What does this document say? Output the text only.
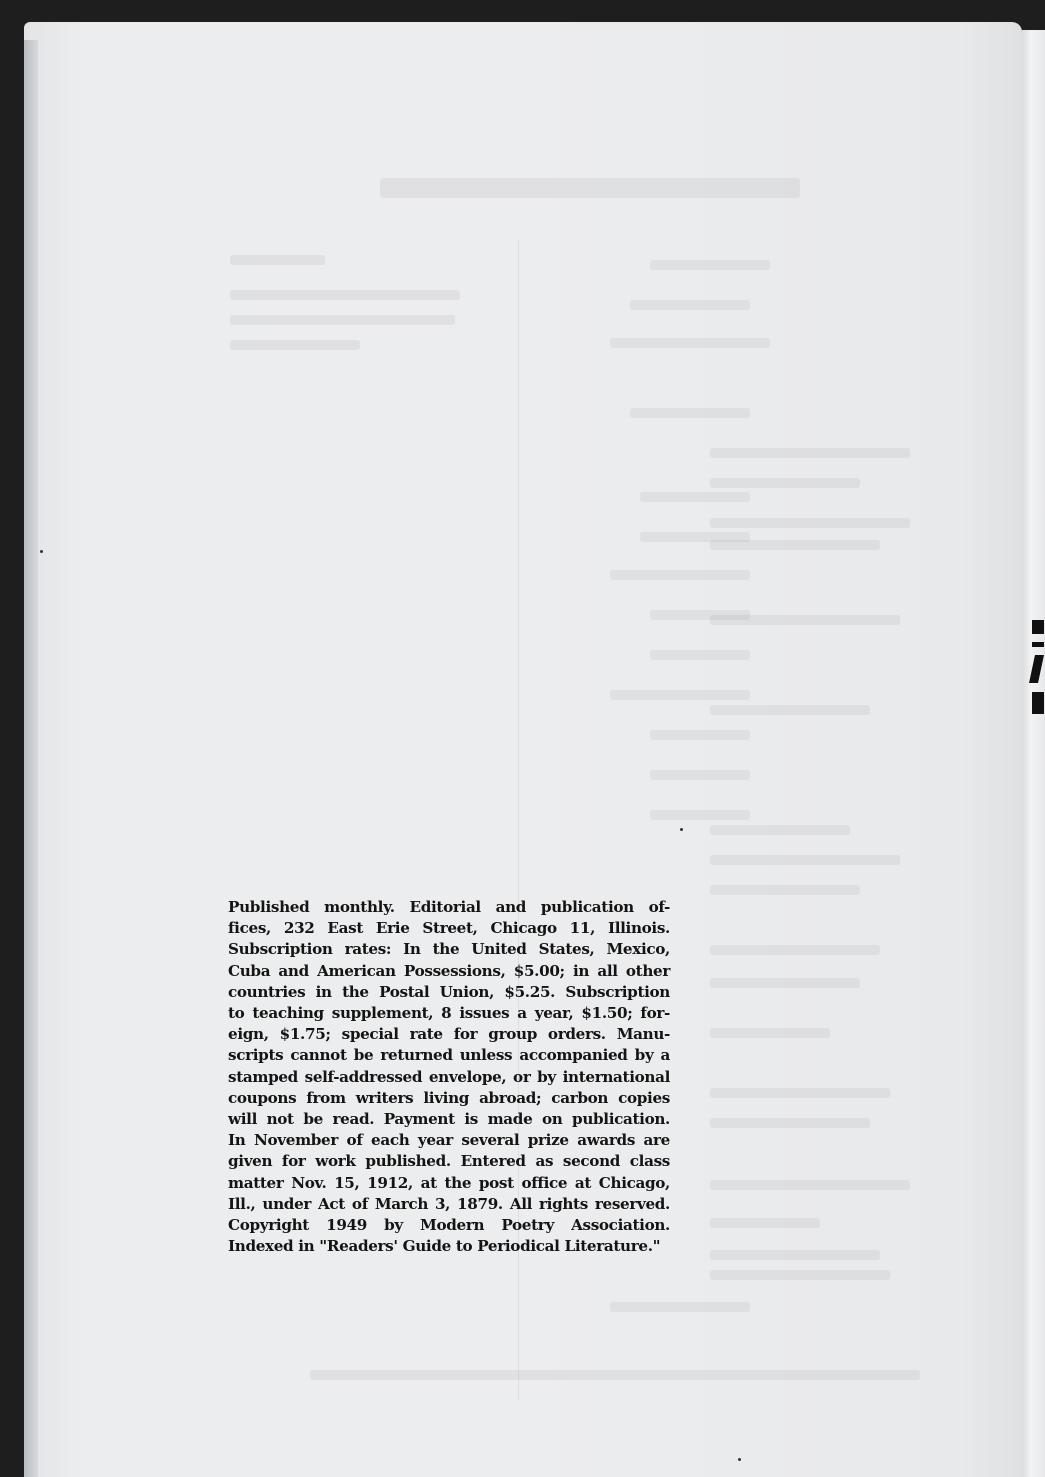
Published monthly. Editorial and publication of-
fices, 232 East Erie Street, Chicago 11, Illinois.
Subscription rates: In the United States, Mexico,
Cuba and American Possessions, $5.00; in all other
countries in the Postal Union, $5.25. Subscription
to teaching supplement, 8 issues a year, $1.50; for-
eign, $1.75; special rate for group orders. Manu-
scripts cannot be returned unless accompanied by a
stamped self-addressed envelope, or by international
coupons from writers living abroad; carbon copies
will not be read. Payment is made on publication.
In November of each year several prize awards are
given for work published. Entered as second class
matter Nov. 15, 1912, at the post office at Chicago,
Ill., under Act of March 3, 1879. All rights reserved.
Copyright 1949 by Modern Poetry Association.
Indexed in "Readers' Guide to Periodical Literature."
